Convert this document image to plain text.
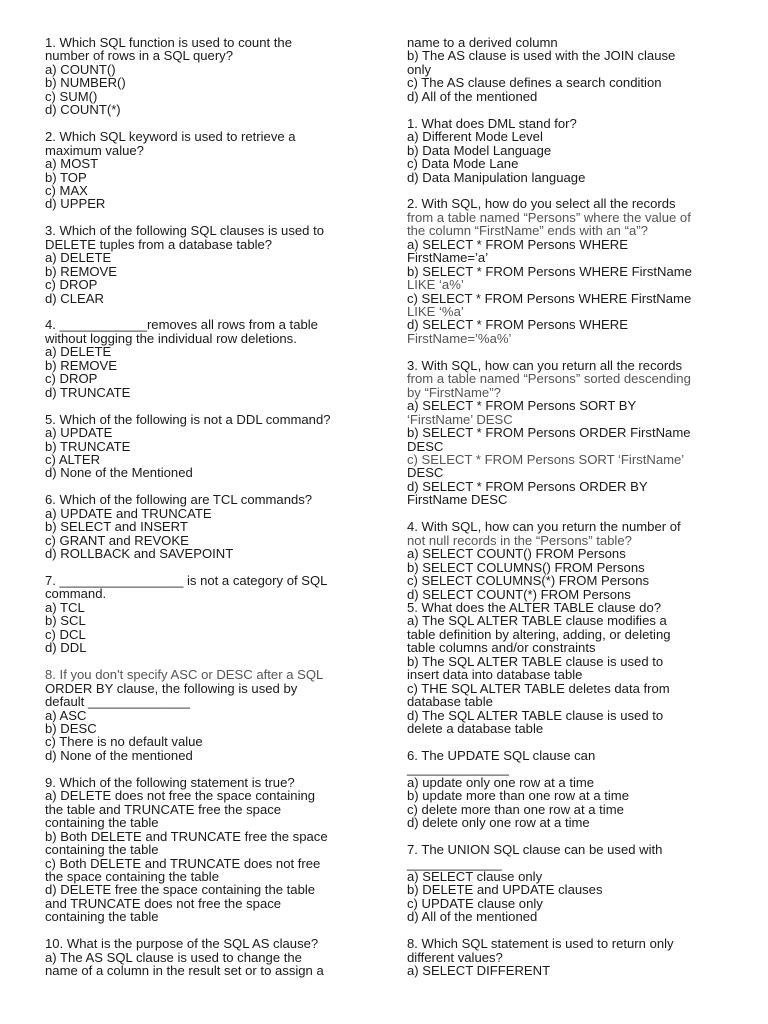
1. Which SQL function is used to count the
number of rows in a SQL query?
a) COUNT()
b) NUMBER()
c) SUM()
d) COUNT(*)
2. Which SQL keyword is used to retrieve a
maximum value?
a) MOST
b) TOP
c) MAX
d) UPPER
3. Which of the following SQL clauses is used to
DELETE tuples from a database table?
a) DELETE
b) REMOVE
c) DROP
d) CLEAR
4. ____________removes all rows from a table
without logging the individual row deletions.
a) DELETE
b) REMOVE
c) DROP
d) TRUNCATE
5. Which of the following is not a DDL command?
a) UPDATE
b) TRUNCATE
c) ALTER
d) None of the Mentioned
6. Which of the following are TCL commands?
a) UPDATE and TRUNCATE
b) SELECT and INSERT
c) GRANT and REVOKE
d) ROLLBACK and SAVEPOINT
7. _________________ is not a category of SQL
command.
a) TCL
b) SCL
c) DCL
d) DDL
8. If you don't specify ASC or DESC after a SQL
ORDER BY clause, the following is used by
default ______________
a) ASC
b) DESC
c) There is no default value
d) None of the mentioned
9. Which of the following statement is true?
a) DELETE does not free the space containing
the table and TRUNCATE free the space
containing the table
b) Both DELETE and TRUNCATE free the space
containing the table
c) Both DELETE and TRUNCATE does not free
the space containing the table
d) DELETE free the space containing the table
and TRUNCATE does not free the space
containing the table
10. What is the purpose of the SQL AS clause?
a) The AS SQL clause is used to change the
name of a column in the result set or to assign a
name to a derived column
b) The AS clause is used with the JOIN clause
only
c) The AS clause defines a search condition
d) All of the mentioned
1. What does DML stand for?
a) Different Mode Level
b) Data Model Language
c) Data Mode Lane
d) Data Manipulation language
2. With SQL, how do you select all the records
from a table named “Persons” where the value of
the column “FirstName” ends with an “a”?
a) SELECT * FROM Persons WHERE
FirstName=’a’
b) SELECT * FROM Persons WHERE FirstName
LIKE ‘a%’
c) SELECT * FROM Persons WHERE FirstName
LIKE ‘%a’
d) SELECT * FROM Persons WHERE
FirstName=’%a%’
3. With SQL, how can you return all the records
from a table named “Persons” sorted descending
by “FirstName”?
a) SELECT * FROM Persons SORT BY
‘FirstName’ DESC
b) SELECT * FROM Persons ORDER FirstName
DESC
c) SELECT * FROM Persons SORT ‘FirstName’
DESC
d) SELECT * FROM Persons ORDER BY
FirstName DESC
4. With SQL, how can you return the number of
not null records in the “Persons” table?
a) SELECT COUNT() FROM Persons
b) SELECT COLUMNS() FROM Persons
c) SELECT COLUMNS(*) FROM Persons
d) SELECT COUNT(*) FROM Persons
5. What does the ALTER TABLE clause do?
a) The SQL ALTER TABLE clause modifies a
table definition by altering, adding, or deleting
table columns and/or constraints
b) The SQL ALTER TABLE clause is used to
insert data into database table
c) THE SQL ALTER TABLE deletes data from
database table
d) The SQL ALTER TABLE clause is used to
delete a database table
6. The UPDATE SQL clause can
______________
a) update only one row at a time
b) update more than one row at a time
c) delete more than one row at a time
d) delete only one row at a time
7. The UNION SQL clause can be used with
_____________
a) SELECT clause only
b) DELETE and UPDATE clauses
c) UPDATE clause only
d) All of the mentioned
8. Which SQL statement is used to return only
different values?
a) SELECT DIFFERENT
